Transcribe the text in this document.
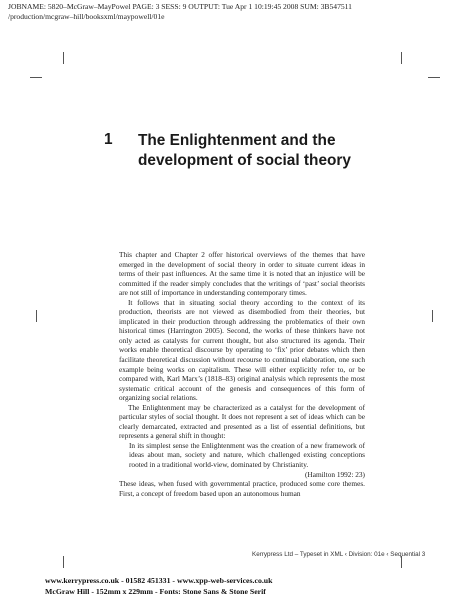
JOBNAME: 5820–McGraw–MayPowel PAGE: 3 SESS: 9 OUTPUT: Tue Apr 1 10:19:45 2008 SUM: 3B547511
/production/mcgraw–hill/booksxml/maypowell/01e
1 The Enlightenment and the development of social theory

This chapter and Chapter 2 offer historical overviews of the themes that have emerged in the development of social theory in order to situate current ideas in terms of their past influences. At the same time it is noted that an injustice will be committed if the reader simply concludes that the writings of ‘past’ social theorists are not still of importance in understanding contemporary times.

It follows that in situating social theory according to the context of its production, theorists are not viewed as disembodied from their theories, but implicated in their production through addressing the problematics of their own historical times (Harrington 2005). Second, the works of these thinkers have not only acted as catalysts for current thought, but also structured its agenda. Their works enable theoretical discourse by operating to ‘fix’ prior debates which then facilitate theoretical discussion without recourse to continual elaboration, one such example being works on capitalism. These will either explicitly refer to, or be compared with, Karl Marx’s (1818–83) original analysis which represents the most systematic critical account of the genesis and consequences of this form of organizing social relations.

The Enlightenment may be characterized as a catalyst for the development of particular styles of social thought. It does not represent a set of ideas which can be clearly demarcated, extracted and presented as a list of essential definitions, but represents a general shift in thought:

In its simplest sense the Enlightenment was the creation of a new framework of ideas about man, society and nature, which challenged existing conceptions rooted in a traditional world-view, dominated by Christianity.

(Hamilton 1992: 23)

These ideas, when fused with governmental practice, produced some core themes. First, a concept of freedom based upon an autonomous human

Kerrypress Ltd – Typeset in XML ‹ Division: 01e ‹ Sequential 3
www.kerrypress.co.uk - 01582 451331 - www.xpp-web-services.co.uk
McGraw Hill - 152mm x 229mm - Fonts: Stone Sans & Stone Serif
